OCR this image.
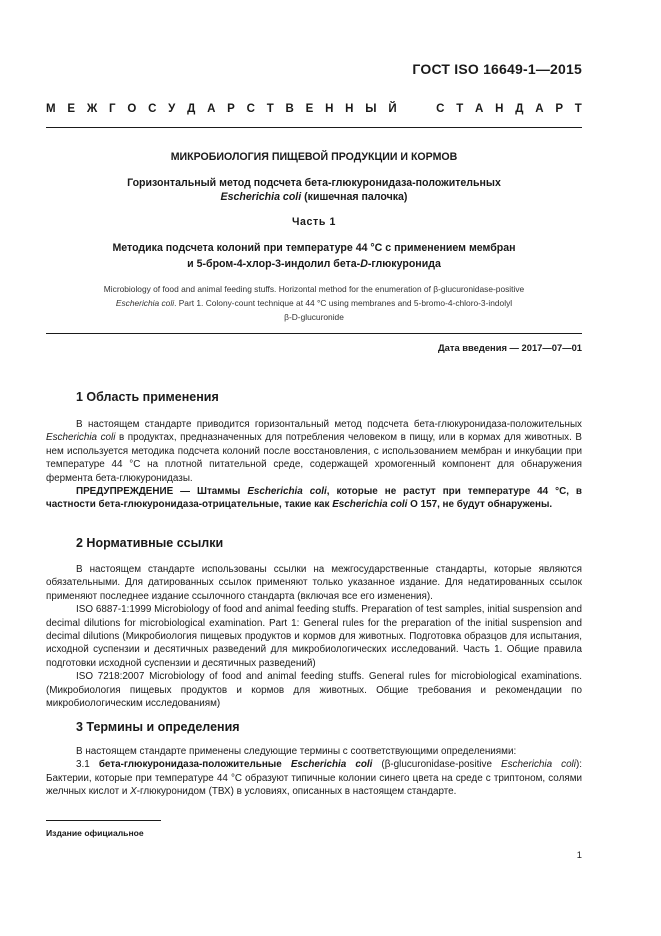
ГОСТ ISO 16649-1—2015
М Е Ж Г О С У Д А Р С Т В Е Н Н Ы Й	С Т А Н Д А Р Т
МИКРОБИОЛОГИЯ ПИЩЕВОЙ ПРОДУКЦИИ И КОРМОВ
Горизонтальный метод подсчета бета-глюкуронидаза-положительных
Escherichia coli (кишечная палочка)
Часть 1
Методика подсчета колоний при температуре 44 °С с применением мембран
и 5-бром-4-хлор-3-индолил бета-D-глюкуронида
Microbiology of food and animal feeding stuffs. Horizontal method for the enumeration of β-glucuronidase-positive
Escherichia coli. Part 1. Colony-count technique at 44 °C using membranes and 5-bromo-4-chloro-3-indolyl
β-D-glucuronide
Дата введения — 2017—07—01
1 Область применения

В настоящем стандарте приводится горизонтальный метод подсчета бета-глюкуронидаза-положительных Escherichia coli в продуктах, предназначенных для потребления человеком в пищу, или в кормах для животных. В нем используется методика подсчета колоний после восстановления, с использованием мембран и инкубации при температуре 44 °С на плотной питательной среде, содержащей хромогенный компонент для обнаружения фермента бета-глюкуронидазы.

ПРЕДУПРЕЖДЕНИЕ — Штаммы Escherichia coli, которые не растут при температуре 44 °С, в частности бета-глюкуронидаза-отрицательные, такие как Escherichia coli O 157, не будут обнаружены.

2 Нормативные ссылки

В настоящем стандарте использованы ссылки на межгосударственные стандарты, которые являются обязательными. Для датированных ссылок применяют только указанное издание. Для недатированных ссылок применяют последнее издание ссылочного стандарта (включая все его изменения).

ISO 6887-1:1999 Microbiology of food and animal feeding stuffs. Preparation of test samples, initial suspension and decimal dilutions for microbiological examination. Part 1: General rules for the preparation of the initial suspension and decimal dilutions (Микробиология пищевых продуктов и кормов для животных. Подготовка образцов для испытания, исходной суспензии и десятичных разведений для микробиологических исследований. Часть 1. Общие правила подготовки исходной суспензии и десятичных разведений)

ISO 7218:2007 Microbiology of food and animal feeding stuffs. General rules for microbiological examinations. (Микробиология пищевых продуктов и кормов для животных. Общие требования и рекомендации по микробиологическим исследованиям)

3 Термины и определения

В настоящем стандарте применены следующие термины с соответствующими определениями:

3.1 бета-глюкуронидаза-положительные Escherichia coli (β-glucuronidase-positive Escherichia coli): Бактерии, которые при температуре 44 °С образуют типичные колонии синего цвета на среде с триптоном, солями желчных кислот и X-глюкуронидом (ТВХ) в условиях, описанных в настоящем стандарте.

Издание официальное
1
